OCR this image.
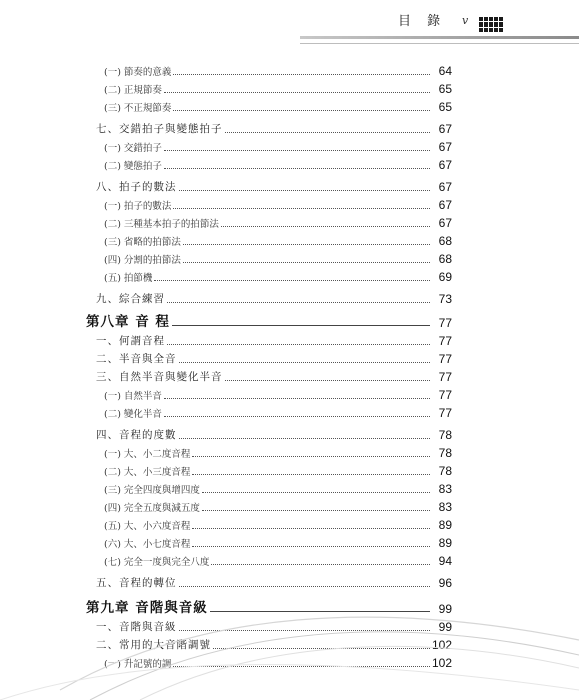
目 錄 v
(一) 節奏的意義	64
(二) 正規節奏	65
(三) 不正規節奏	65
七、交錯拍子與變態拍子	67
(一) 交錯拍子	67
(二) 變態拍子	67
八、拍子的數法	67
(一) 拍子的數法	67
(二) 三種基本拍子的拍節法	67
(三) 省略的拍節法	68
(四) 分割的拍節法	68
(五) 拍節機	69
九、綜合練習	73
第八章 音 程	77
一、何謂音程	77
二、半音與全音	77
三、自然半音與變化半音	77
(一) 自然半音	77
(二) 變化半音	77
四、音程的度數	78
(一) 大、小二度音程	78
(二) 大、小三度音程	78
(三) 完全四度與增四度	83
(四) 完全五度與減五度	83
(五) 大、小六度音程	89
(六) 大、小七度音程	89
(七) 完全一度與完全八度	94
五、音程的轉位	96
第九章 音階與音級	99
一、音階與音級	99
二、常用的大音階調號	102
(一) 升記號的調	102
